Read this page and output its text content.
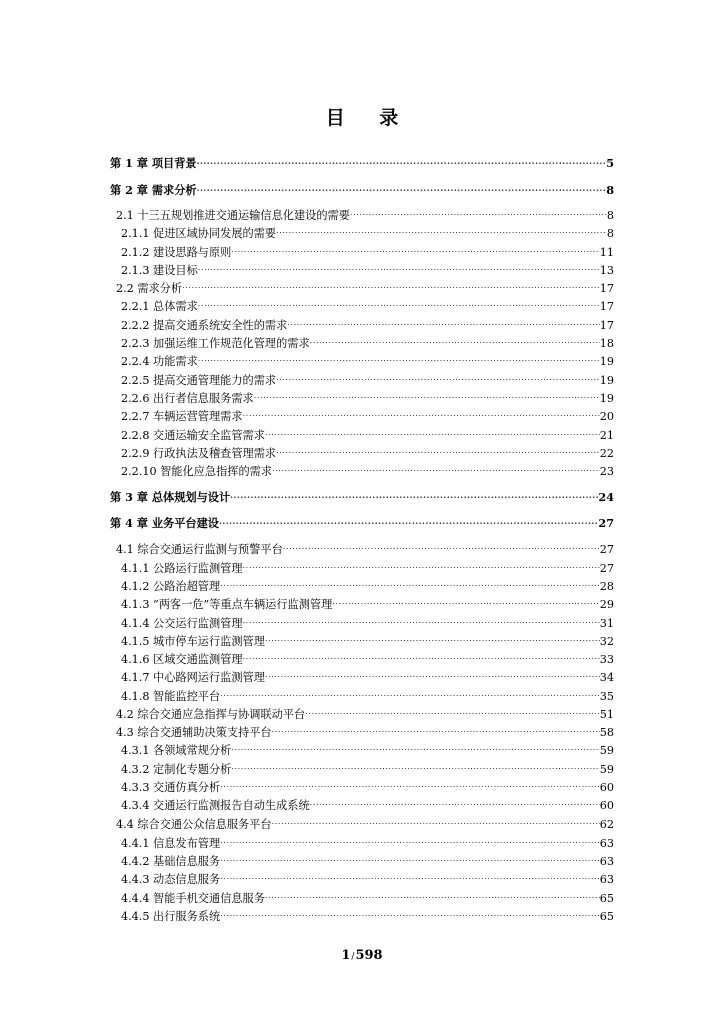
目 录
第 1 章 项目背景 .....	5
第 2 章 需求分析 .....	8
2.1 十三五规划推进交通运输信息化建设的需要 .....	8
2.1.1 促进区域协同发展的需要 .....	8
2.1.2 建设思路与原则 .....	11
2.1.3 建设目标 .....	13
2.2 需求分析 .....	17
2.2.1 总体需求 .....	17
2.2.2 提高交通系统安全性的需求 .....	17
2.2.3 加强运维工作规范化管理的需求 .....	18
2.2.4 功能需求 .....	19
2.2.5 提高交通管理能力的需求 .....	19
2.2.6 出行者信息服务需求 .....	19
2.2.7 车辆运营管理需求 .....	20
2.2.8 交通运输安全监管需求 .....	21
2.2.9 行政执法及稽查管理需求 .....	22
2.2.10 智能化应急指挥的需求 .....	23
第 3 章 总体规划与设计 .....	24
第 4 章 业务平台建设 .....	27
4.1 综合交通运行监测与预警平台 .....	27
4.1.1 公路运行监测管理 .....	27
4.1.2 公路治超管理 .....	28
4.1.3 “两客一危”等重点车辆运行监测管理 .....	29
4.1.4 公交运行监测管理 .....	31
4.1.5 城市停车运行监测管理 .....	32
4.1.6 区域交通监测管理 .....	33
4.1.7 中心路网运行监测管理 .....	34
4.1.8 智能监控平台 .....	35
4.2 综合交通应急指挥与协调联动平台 .....	51
4.3 综合交通辅助决策支持平台 .....	58
4.3.1 各领域常规分析 .....	59
4.3.2 定制化专题分析 .....	59
4.3.3 交通仿真分析 .....	60
4.3.4 交通运行监测报告自动生成系统 .....	60
4.4 综合交通公众信息服务平台 .....	62
4.4.1 信息发布管理 .....	63
4.4.2 基础信息服务 .....	63
4.4.3 动态信息服务 .....	63
4.4.4 智能手机交通信息服务 .....	65
4.4.5 出行服务系统 .....	65
1/598
